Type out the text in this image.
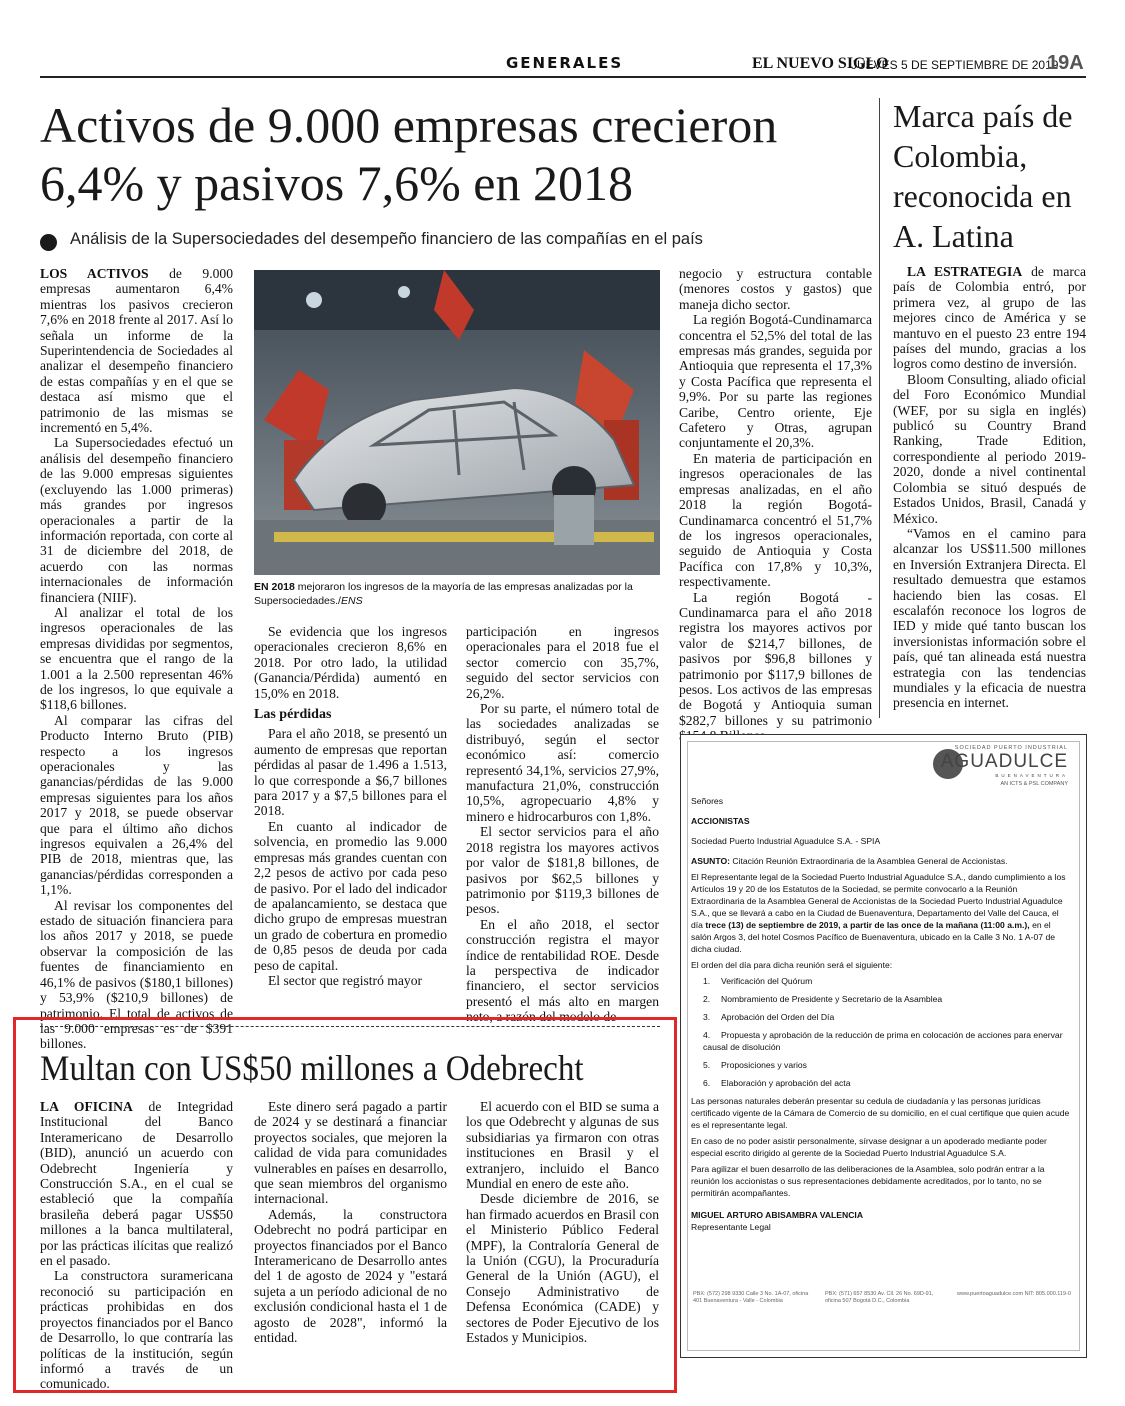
GENERALES	EL NUEVO SIGLO
JUEVES 5 DE SEPTIEMBRE DE 2019
19A
Activos de 9.000 empresas crecieron
6,4% y pasivos 7,6% en 2018
Análisis de la Supersociedades del desempeño financiero de las compañías en el país

LOS ACTIVOS de 9.000 empresas aumentaron 6,4% mientras los pasivos crecieron 7,6% en 2018 frente al 2017. Así lo señala un informe de la Superintendencia de Sociedades al analizar el desempeño financiero de estas compañías y en el que se destaca así mismo que el patrimonio de las mismas se incrementó en 5,4%.

La Supersociedades efectuó un análisis del desempeño financiero de las 9.000 empresas siguientes (excluyendo las 1.000 primeras) más grandes por ingresos operacionales a partir de la información reportada, con corte al 31 de diciembre del 2018, de acuerdo con las normas internacionales de información financiera (NIIF).

Al analizar el total de los ingresos operacionales de las empresas divididas por segmentos, se encuentra que el rango de la 1.001 a la 2.500 representan 46% de los ingresos, lo que equivale a $118,6 billones.

Al comparar las cifras del Producto Interno Bruto (PIB) respecto a los ingresos operacionales y las ganancias/pérdidas de las 9.000 empresas siguientes para los años 2017 y 2018, se puede observar que para el último año dichos ingresos equivalen a 26,4% del PIB de 2018, mientras que, las ganancias/pérdidas corresponden a 1,1%.

Al revisar los componentes del estado de situación financiera para los años 2017 y 2018, se puede observar la composición de las fuentes de financiamiento en 46,1% de pasivos ($180,1 billones) y 53,9% ($210,9 billones) de patrimonio. El total de activos de las 9.000 empresas es de $391 billones.

EN 2018 mejoraron los ingresos de la mayoría de las empresas analizadas por la Supersociedades./ENS

Se evidencia que los ingresos operacionales crecieron 8,6% en 2018. Por otro lado, la utilidad (Ganancia/Pérdida) aumentó en 15,0% en 2018.

Las pérdidas

Para el año 2018, se presentó un aumento de empresas que reportan pérdidas al pasar de 1.496 a 1.513, lo que corresponde a $6,7 billones para 2017 y a $7,5 billones para el 2018.

En cuanto al indicador de solvencia, en promedio las 9.000 empresas más grandes cuentan con 2,2 pesos de activo por cada peso de pasivo. Por el lado del indicador de apalancamiento, se destaca que dicho grupo de empresas muestran un grado de cobertura en promedio de 0,85 pesos de deuda por cada peso de capital.

El sector que registró mayor

participación en ingresos operacionales para el 2018 fue el sector comercio con 35,7%, seguido del sector servicios con 26,2%.

Por su parte, el número total de las sociedades analizadas se distribuyó, según el sector económico así: comercio representó 34,1%, servicios 27,9%, manufactura 21,0%, construcción 10,5%, agropecuario 4,8% y minero e hidrocarburos con 1,8%.

El sector servicios para el año 2018 registra los mayores activos por valor de $181,8 billones, de pasivos por $62,5 billones y patrimonio por $119,3 billones de pesos.

En el año 2018, el sector construcción registra el mayor índice de rentabilidad ROE. Desde la perspectiva de indicador financiero, el sector servicios presentó el más alto en margen neto, a razón del modelo de

negocio y estructura contable (menores costos y gastos) que maneja dicho sector.

La región Bogotá-Cundinamarca concentra el 52,5% del total de las empresas más grandes, seguida por Antioquia que representa el 17,3% y Costa Pacífica que representa el 9,9%. Por su parte las regiones Caribe, Centro oriente, Eje Cafetero y Otras, agrupan conjuntamente el 20,3%.

En materia de participación en ingresos operacionales de las empresas analizadas, en el año 2018 la región Bogotá-Cundinamarca concentró el 51,7% de los ingresos operacionales, seguido de Antioquia y Costa Pacífica con 17,8% y 10,3%, respectivamente.

La región Bogotá - Cundinamarca para el año 2018 registra los mayores activos por valor de $214,7 billones, de pasivos por $96,8 billones y patrimonio por $117,9 billones de pesos. Los activos de las empresas de Bogotá y Antioquia suman $282,7 billones y su patrimonio

Marca país de Colombia, reconocida en A. Latina

LA ESTRATEGIA de marca país de Colombia entró, por primera vez, al grupo de las mejores cinco de América y se mantuvo en el puesto 23 entre 194 países del mundo, gracias a los logros como destino de inversión.

Bloom Consulting, aliado oficial del Foro Económico Mundial (WEF, por su sigla en inglés) publicó su Country Brand Ranking, Trade Edition, correspondiente al periodo 2019-2020, donde a nivel continental Colombia se situó después de Estados Unidos, Brasil, Canadá y México.

“Vamos en el camino para alcanzar los US$11.500 millones en Inversión Extranjera Directa. El resultado demuestra que estamos haciendo bien las cosas. El escalafón reconoce los logros de IED y mide qué tanto buscan los inversionistas información sobre el país, qué tan alineada está nuestra estrategia con las tendencias mundiales y la eficacia de nuestra presencia en internet.

Multan con US$50 millones a Odebrecht

LA OFICINA de Integridad Institucional del Banco Interamericano de Desarrollo (BID), anunció un acuerdo con Odebrecht Ingeniería y Construcción S.A., en el cual se estableció que la compañía brasileña deberá pagar US$50 millones a la banca multilateral, por las prácticas ilícitas que realizó en el pasado.

La constructora suramericana reconoció su participación en prácticas prohibidas en dos proyectos financiados por el Banco de Desarrollo, lo que contraría las políticas de la institución, según informó a través de un comunicado.

Este dinero será pagado a partir de 2024 y se destinará a financiar proyectos sociales, que mejoren la calidad de vida para comunidades vulnerables en países en desarrollo, que sean miembros del organismo internacional.

Además, la constructora Odebrecht no podrá participar en proyectos financiados por el Banco Interamericano de Desarrollo antes del 1 de agosto de 2024 y "estará sujeta a un período adicional de no exclusión condicional hasta el 1 de agosto de 2028", informó la entidad.

El acuerdo con el BID se suma a los que Odebrecht y algunas de sus subsidiarias ya firmaron con otras instituciones en Brasil y el extranjero, incluido el Banco Mundial en enero de este año.

Desde diciembre de 2016, se han firmado acuerdos en Brasil con el Ministerio Público Federal (MPF), la Contraloría General de la Unión (CGU), la Procuraduría General de la Unión (AGU), el Consejo Administrativo de Defensa Económica (CADE) y sectores de Poder Ejecutivo de los Estados y Municipios.

SOCIEDAD PUERTO INDUSTRIAL
AGUADULCE
BUENAVENTURA
AN ICTS & PSL COMPANY

Señores

ACCIONISTAS

Sociedad Puerto Industrial Aguadulce S.A. - SPIA

ASUNTO: Citación Reunión Extraordinaria de la Asamblea General de Accionistas.

El Representante legal de la Sociedad Puerto Industrial Aguadulce S.A., dando cumplimiento a los Artículos 19 y 20 de los Estatutos de la Sociedad, se permite convocarlo a la Reunión Extraordinaria de la Asamblea General de Accionistas de la Sociedad Puerto Industrial Aguadulce S.A., que se llevará a cabo en la Ciudad de Buenaventura, Departamento del Valle del Cauca, el día trece (13) de septiembre de 2019, a partir de las once de la mañana (11:00 a.m.), en el salón Argos 3, del hotel Cosmos Pacífico de Buenaventura, ubicado en la Calle 3 No. 1 A-07 de dicha ciudad.

El orden del día para dicha reunión será el siguiente:

1. Verificación del Quórum
2. Nombramiento de Presidente y Secretario de la Asamblea
3. Aprobación del Orden del Día
4. Propuesta y aprobación de la reducción de prima en colocación de acciones para enervar causal de disolución
5. Proposiciones y varios
6. Elaboración y aprobación del acta

Las personas naturales deberán presentar su cedula de ciudadanía y las personas jurídicas certificado vigente de la Cámara de Comercio de su domicilio, en el cual certifique que quien acude es el representante legal.

En caso de no poder asistir personalmente, sírvase designar a un apoderado mediante poder especial escrito dirigido al gerente de la Sociedad Puerto Industrial Aguadulce S.A.

Para agilizar el buen desarrollo de las deliberaciones de la Asamblea, solo podrán entrar a la reunión los accionistas o sus representaciones debidamente acreditados, por lo tanto, no se permitirán acompañantes.

MIGUEL ARTURO ABISAMBRA VALENCIA

Representante Legal

PBX: (572) 298 9330 Calle 3 No. 1A-07, oficina 401 Buenaventura - Valle - Colombia
PBX: (571) 657 8530 Av. Cll. 26 No. 69D-91, oficina 507 Bogotá D.C., Colombia
www.puertoaguadulce.com NIT: 805.000.119-0
